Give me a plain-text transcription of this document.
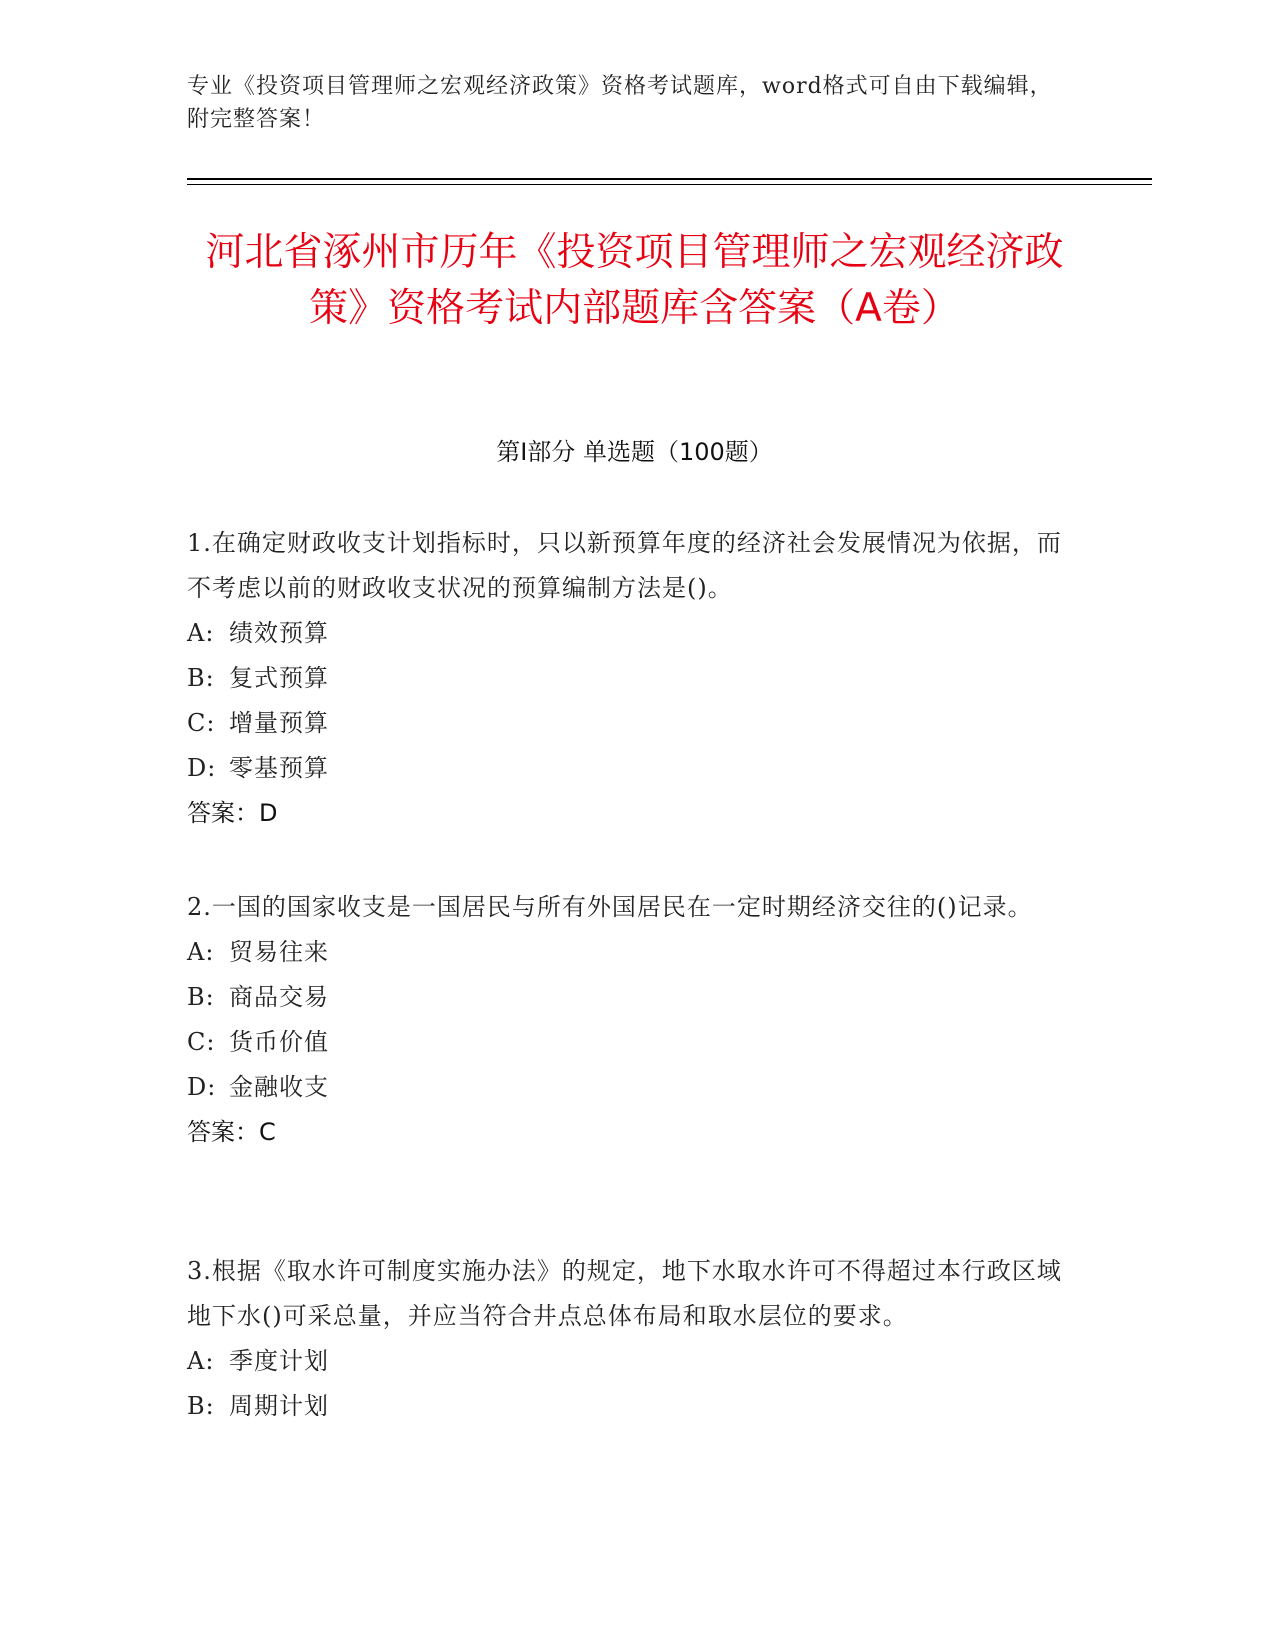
专业《投资项目管理师之宏观经济政策》资格考试题库，word格式可自由下载编辑，附完整答案！
河北省涿州市历年《投资项目管理师之宏观经济政策》资格考试内部题库含答案（A卷）
第Ⅰ部分 单选题（100题）

1.在确定财政收支计划指标时，只以新预算年度的经济社会发展情况为依据，而不考虑以前的财政收支状况的预算编制方法是()。

A: 绩效预算

B: 复式预算

C: 增量预算

D: 零基预算

答案：D

2.一国的国家收支是一国居民与所有外国居民在一定时期经济交往的()记录。

A: 贸易往来

B: 商品交易

C: 货币价值

D: 金融收支

答案：C

3.根据《取水许可制度实施办法》的规定，地下水取水许可不得超过本行政区域地下水()可采总量，并应当符合井点总体布局和取水层位的要求。

A: 季度计划

B: 周期计划
